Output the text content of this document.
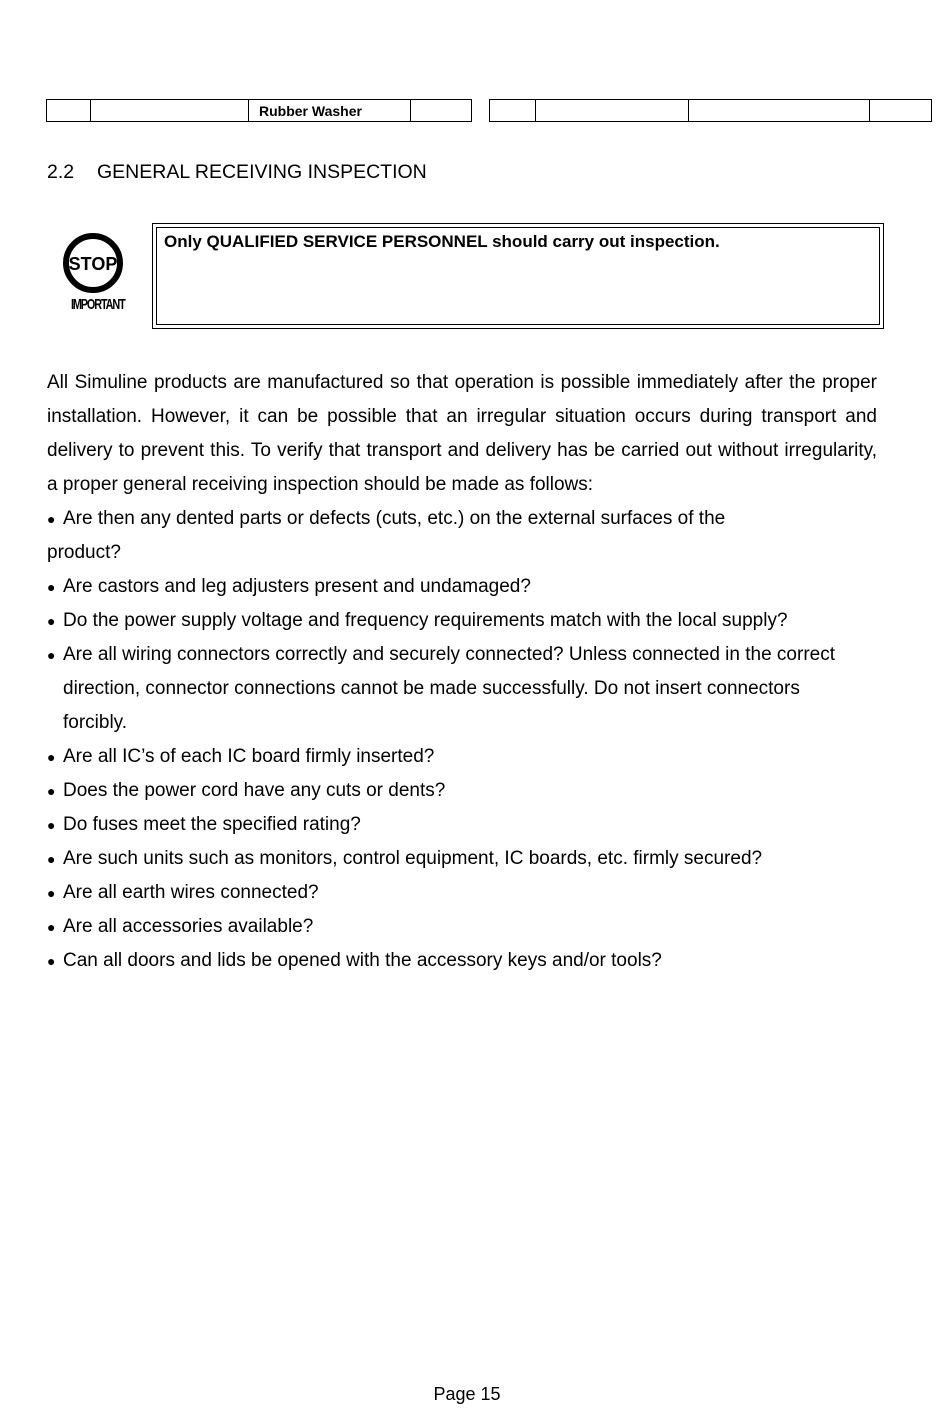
Rubber Washer
2.2 GENERAL RECEIVING INSPECTION
STOP
IMPORTANT
Only QUALIFIED SERVICE PERSONNEL should carry out inspection.

All Simuline products are manufactured so that operation is possible immediately after the proper installation. However, it can be possible that an irregular situation occurs during transport and delivery to prevent this. To verify that transport and delivery has be carried out without irregularity, a proper general receiving inspection should be made as follows:

● Are then any dented parts or defects (cuts, etc.) on the external surfaces of the
product?
● Are castors and leg adjusters present and undamaged?
● Do the power supply voltage and frequency requirements match with the local supply?
● Are all wiring connectors correctly and securely connected? Unless connected in the correct direction, connector connections cannot be made successfully. Do not insert connectors forcibly.
● Are all IC’s of each IC board firmly inserted?
● Does the power cord have any cuts or dents?
● Do fuses meet the specified rating?
● Are such units such as monitors, control equipment, IC boards, etc. firmly secured?
● Are all earth wires connected?
● Are all accessories available?
● Can all doors and lids be opened with the accessory keys and/or tools?
Page 15
